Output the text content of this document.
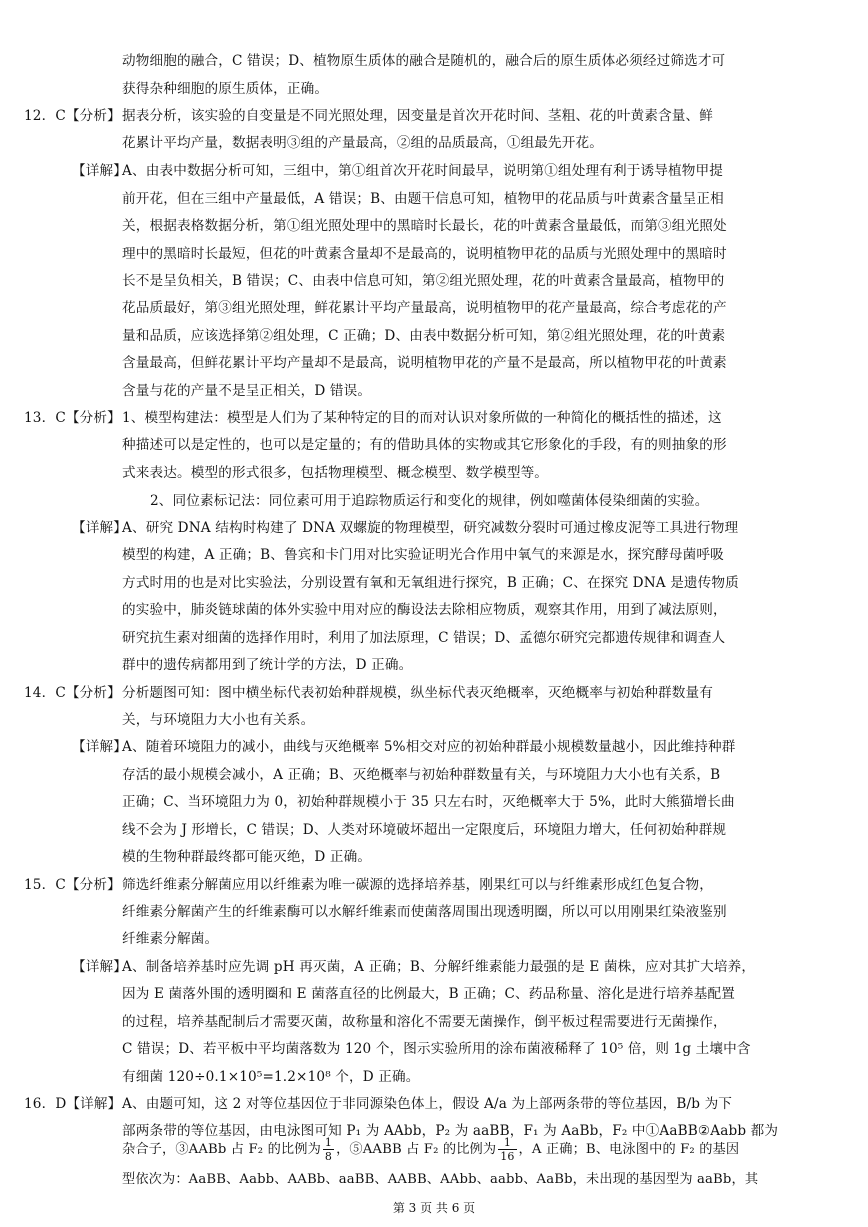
动物细胞的融合，C 错误；D、植物原生质体的融合是随机的，融合后的原生质体必须经过筛选才可
获得杂种细胞的原生质体，正确。
12．C【分析】 据表分析，该实验的自变量是不同光照处理，因变量是首次开花时间、茎粗、花的叶黄素含量、鲜
花累计平均产量，数据表明③组的产量最高，②组的品质最高，①组最先开花。
【详解】
A、由表中数据分析可知，三组中，第①组首次开花时间最早，说明第①组处理有利于诱导植物甲提
前开花，但在三组中产量最低，A 错误；B、由题干信息可知，植物甲的花品质与叶黄素含量呈正相
关，根据表格数据分析，第①组光照处理中的黑暗时长最长，花的叶黄素含量最低，而第③组光照处
理中的黑暗时长最短，但花的叶黄素含量却不是最高的，说明植物甲花的品质与光照处理中的黑暗时
长不是呈负相关，B 错误；C、由表中信息可知，第②组光照处理，花的叶黄素含量最高，植物甲的
花品质最好，第③组光照处理，鲜花累计平均产量最高，说明植物甲的花产量最高，综合考虑花的产
量和品质，应该选择第②组处理，C 正确；D、由表中数据分析可知，第②组光照处理，花的叶黄素
含量最高，但鲜花累计平均产量却不是最高，说明植物甲花的产量不是最高，所以植物甲花的叶黄素
含量与花的产量不是呈正相关，D 错误。
13．C【分析】 1、模型构建法：模型是人们为了某种特定的目的而对认识对象所做的一种简化的概括性的描述，这
种描述可以是定性的，也可以是定量的；有的借助具体的实物或其它形象化的手段，有的则抽象的形
式来表达。模型的形式很多，包括物理模型、概念模型、数学模型等。
2、同位素标记法：同位素可用于追踪物质运行和变化的规律，例如噬菌体侵染细菌的实验。
【详解】
A、研究 DNA 结构时构建了 DNA 双螺旋的物理模型，研究减数分裂时可通过橡皮泥等工具进行物理
模型的构建，A 正确；B、鲁宾和卡门用对比实验证明光合作用中氧气的来源是水，探究酵母菌呼吸
方式时用的也是对比实验法，分别设置有氧和无氧组进行探究，B 正确；C、在探究 DNA 是遗传物质
的实验中，肺炎链球菌的体外实验中用对应的酶设法去除相应物质，观察其作用，用到了减法原则，
研究抗生素对细菌的选择作用时，利用了加法原理，C 错误；D、孟德尔研究完都遗传规律和调查人
群中的遗传病都用到了统计学的方法，D 正确。
14．C【分析】 分析题图可知：图中横坐标代表初始种群规模，纵坐标代表灭绝概率，灭绝概率与初始种群数量有
关，与环境阻力大小也有关系。
【详解】
A、随着环境阻力的减小，曲线与灭绝概率 5%相交对应的初始种群最小规模数量越小，因此维持种群
存活的最小规模会减小，A 正确；B、灭绝概率与初始种群数量有关，与环境阻力大小也有关系，B
正确；C、当环境阻力为 0，初始种群规模小于 35 只左右时，灭绝概率大于 5%，此时大熊猫增长曲
线不会为 J 形增长，C 错误；D、人类对环境破坏超出一定限度后，环境阻力增大，任何初始种群规
模的生物种群最终都可能灭绝，D 正确。
15．C【分析】 筛选纤维素分解菌应用以纤维素为唯一碳源的选择培养基，刚果红可以与纤维素形成红色复合物，
纤维素分解菌产生的纤维素酶可以水解纤维素而使菌落周围出现透明圈，所以可以用刚果红染液鉴别
纤维素分解菌。
【详解】
A、制备培养基时应先调 pH 再灭菌，A 正确；B、分解纤维素能力最强的是 E 菌株，应对其扩大培养，
因为 E 菌落外围的透明圈和 E 菌落直径的比例最大，B 正确；C、药品称量、溶化是进行培养基配置
的过程，培养基配制后才需要灭菌，故称量和溶化不需要无菌操作，倒平板过程需要进行无菌操作，
C 错误；D、若平板中平均菌落数为 120 个，图示实验所用的涂布菌液稀释了 10⁵ 倍，则 1g 土壤中含
有细菌 120÷0.1×10⁵=1.2×10⁸ 个，D 正确。
16．D【详解】 A、由题可知，这 2 对等位基因位于非同源染色体上，假设 A/a 为上部两条带的等位基因，B/b 为下
部两条带的等位基因，由电泳图可知 P₁ 为 AAbb，P₂ 为 aaBB，F₁ 为 AaBb，F₂ 中①AaBB②Aabb 都为
第 3 页 共 6 页
杂合子，③AABb 占 F₂ 的比例为 $\frac{1}{8}$ ，⑤AABB 占 F₂ 的比例为 $\frac{1}{16}$ ，A 正确；B、电泳图中的 F₂ 的基因
型依次为：AaBB、Aabb、AABb、aaBB、AABB、AAbb、aabb、AaBb，未出现的基因型为 aaBb，其
